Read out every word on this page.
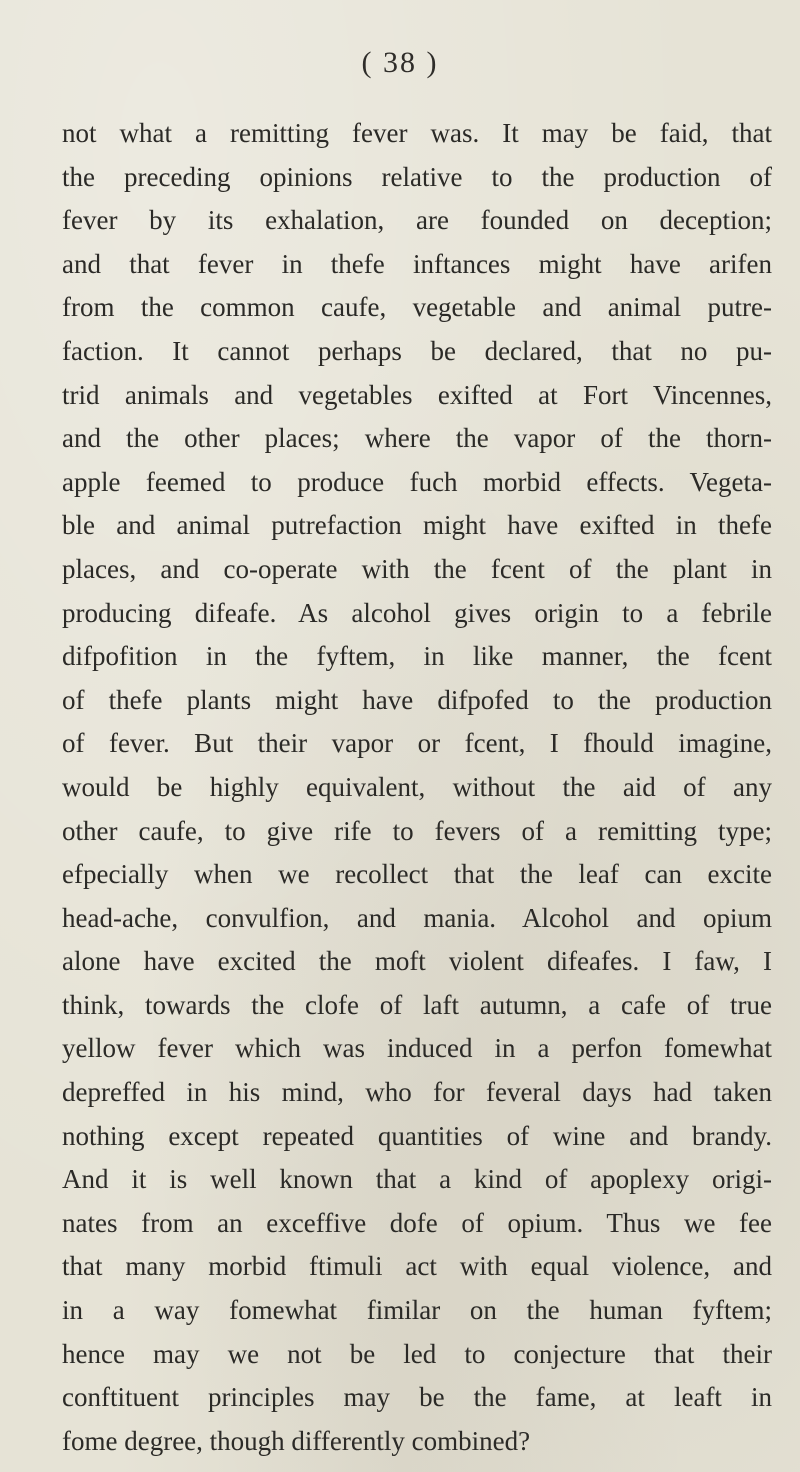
( 38 )
not what a remitting fever was. It may be faid, that
the preceding opinions relative to the production of
fever by its exhalation, are founded on deception;
and that fever in thefe inftances might have arifen
from the common caufe, vegetable and animal putre-
faction. It cannot perhaps be declared, that no pu-
trid animals and vegetables exifted at Fort Vincennes,
and the other places; where the vapor of the thorn-
apple feemed to produce fuch morbid effects. Vegeta-
ble and animal putrefaction might have exifted in thefe
places, and co-operate with the fcent of the plant in
producing difeafe. As alcohol gives origin to a febrile
difpofition in the fyftem, in like manner, the fcent
of thefe plants might have difpofed to the production
of fever. But their vapor or fcent, I fhould imagine,
would be highly equivalent, without the aid of any
other caufe, to give rife to fevers of a remitting type;
efpecially when we recollect that the leaf can excite
head-ache, convulfion, and mania. Alcohol and opium
alone have excited the moft violent difeafes. I faw, I
think, towards the clofe of laft autumn, a cafe of true
yellow fever which was induced in a perfon fomewhat
depreffed in his mind, who for feveral days had taken
nothing except repeated quantities of wine and brandy.
And it is well known that a kind of apoplexy origi-
nates from an exceffive dofe of opium. Thus we fee
that many morbid ftimuli act with equal violence, and
in a way fomewhat fimilar on the human fyftem;
hence may we not be led to conjecture that their
conftituent principles may be the fame, at leaft in
fome degree, though differently combined?
